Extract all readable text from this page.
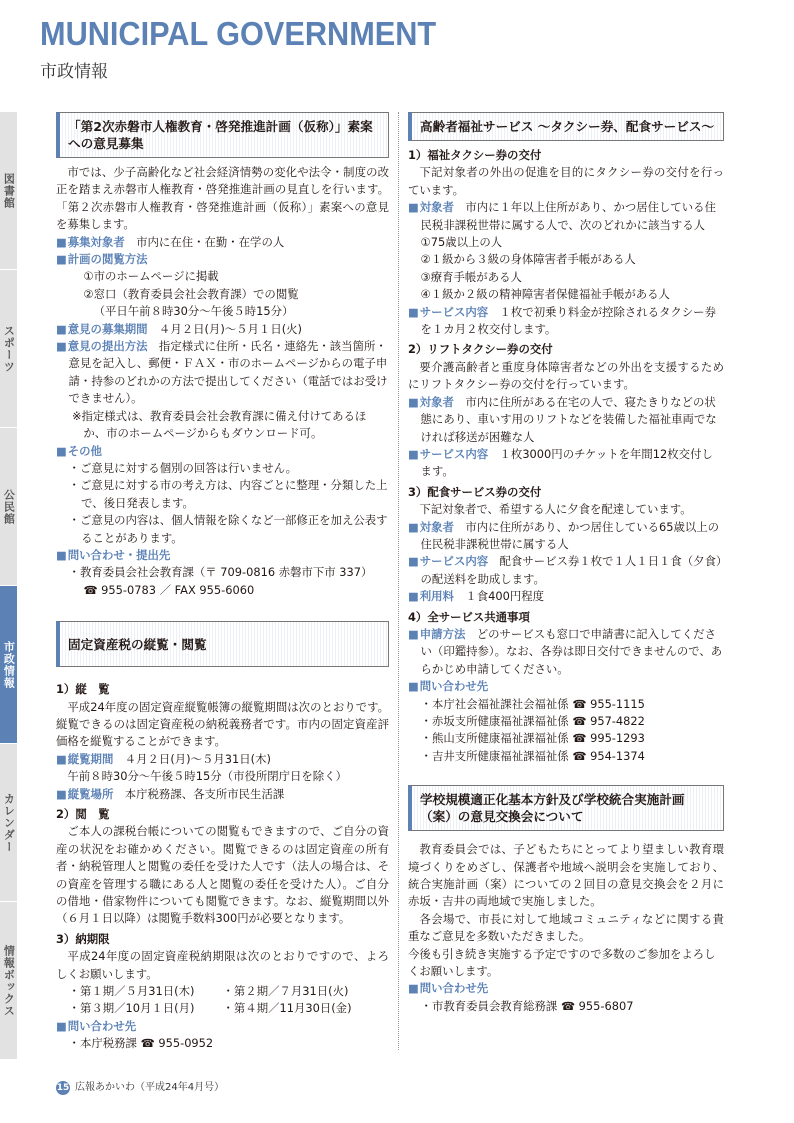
MUNICIPAL GOVERNMENT
市政情報
図書館
スポーツ
公民館
市政情報
カレンダー
情報ボックス
「第2次赤磐市人権教育・啓発推進計画（仮称）」素案への意見募集
市では、少子高齢化など社会経済情勢の変化や法令・制度の改正を踏まえ赤磐市人権教育・啓発推進計画の見直しを行います。「第２次赤磐市人権教育・啓発推進計画（仮称）」素案への意見を募集します。
■ 募集対象者　 市内に在住・在勤・在学の人
■ 計画の閲覧方法
①市のホームページに掲載
②窓口（教育委員会社会教育課）での閲覧
（平日午前８時30分～午後５時15分）
■ 意見の募集期間　 ４月２日(月)～５月１日(火)
■ 意見の提出方法　 指定様式に住所・氏名・連絡先・該当箇所・意見を記入し、郵便・ＦＡＸ・市のホームページからの電子申請・持参のどれかの方法で提出してください（電話ではお受けできません）。
※指定様式は、教育委員会社会教育課に備え付けてあるほか、市のホームページからもダウンロード可。
■ その他
・ ご意見に対する個別の回答は行いません。
・ ご意見に対する市の考え方は、内容ごとに整理・分類した上で、後日発表します。
・ ご意見の内容は、個人情報を除くなど一部修正を加え公表することがあります。
■ 問い合わせ・提出先
・ 教育委員会社会教育課（〒 709-0816 赤磐市下市 337）
☎ 955-0783 ／ FAX 955-6060
固定資産税の縦覧・閲覧
1）縦　覧
平成24年度の固定資産縦覧帳簿の縦覧期間は次のとおりです。縦覧できるのは固定資産税の納税義務者です。市内の固定資産評価格を縦覧することができます。
■ 縦覧期間　 ４月２日(月)～５月31日(木)
午前８時30分～午後５時15分（市役所閉庁日を除く）
■ 縦覧場所　 本庁税務課、各支所市民生活課
2）閲　覧
ご本人の課税台帳についての閲覧もできますので、ご自分の資産の状況をお確かめください。閲覧できるのは固定資産の所有者・納税管理人と閲覧の委任を受けた人です（法人の場合は、その資産を管理する職にある人と閲覧の委任を受けた人）。ご自分の借地・借家物件についても閲覧できます。なお、縦覧期間以外（６月１日以降）は閲覧手数料300円が必要となります。
3）納期限
平成24年度の固定資産税納期限は次のとおりですので、よろしくお願いします。
・ 第１期／５月31日(木)	・ 第２期／７月31日(火)
・ 第３期／10月１日(月)	・ 第４期／11月30日(金)
■ 問い合わせ先
・ 本庁税務課 ☎ 955-0952
高齢者福祉サービス ～タクシー券、配食サービス～
1）福祉タクシー券の交付
下記対象者の外出の促進を目的にタクシー券の交付を行っています。
■ 対象者　 市内に１年以上住所があり、かつ居住している住民税非課税世帯に属する人で、次のどれかに該当する人
①75歳以上の人
②１級から３級の身体障害者手帳がある人
③療育手帳がある人
④１級か２級の精神障害者保健福祉手帳がある人
■ サービス内容　 １枚で初乗り料金が控除されるタクシー券を１カ月２枚交付します。
2）リフトタクシー券の交付
要介護高齢者と重度身体障害者などの外出を支援するためにリフトタクシー券の交付を行っています。
■ 対象者　 市内に住所がある在宅の人で、寝たきりなどの状態にあり、車いす用のリフトなどを装備した福祉車両でなければ移送が困難な人
■ サービス内容　 １枚3000円のチケットを年間12枚交付します。
3）配食サービス券の交付
下記対象者で、希望する人に夕食を配達しています。
■ 対象者　 市内に住所があり、かつ居住している65歳以上の住民税非課税世帯に属する人
■ サービス内容　 配食サービス券１枚で１人１日１食（夕食）の配送料を助成します。
■ 利用料　 １食400円程度
4）全サービス共通事項
■ 申請方法　 どのサービスも窓口で申請書に記入してください（印鑑持参）。なお、各券は即日交付できませんので、あらかじめ申請してください。
■ 問い合わせ先
・ 本庁社会福祉課社会福祉係 ☎ 955-1115
・ 赤坂支所健康福祉課福祉係 ☎ 957-4822
・ 熊山支所健康福祉課福祉係 ☎ 995-1293
・ 吉井支所健康福祉課福祉係 ☎ 954-1374
学校規模適正化基本方針及び学校統合実施計画（案）の意見交換会について
教育委員会では、子どもたちにとってより望ましい教育環境づくりをめざし、保護者や地域へ説明会を実施しており、統合実施計画（案）についての２回目の意見交換会を２月に赤坂・吉井の両地域で実施しました。
各会場で、市長に対して地域コミュニティなどに関する貴重なご意見を多数いただきました。
今後も引き続き実施する予定ですので多数のご参加をよろしくお願いします。
■ 問い合わせ先
・ 市教育委員会教育総務課 ☎ 955-6807
15 広報あかいわ（平成24年4月号）
